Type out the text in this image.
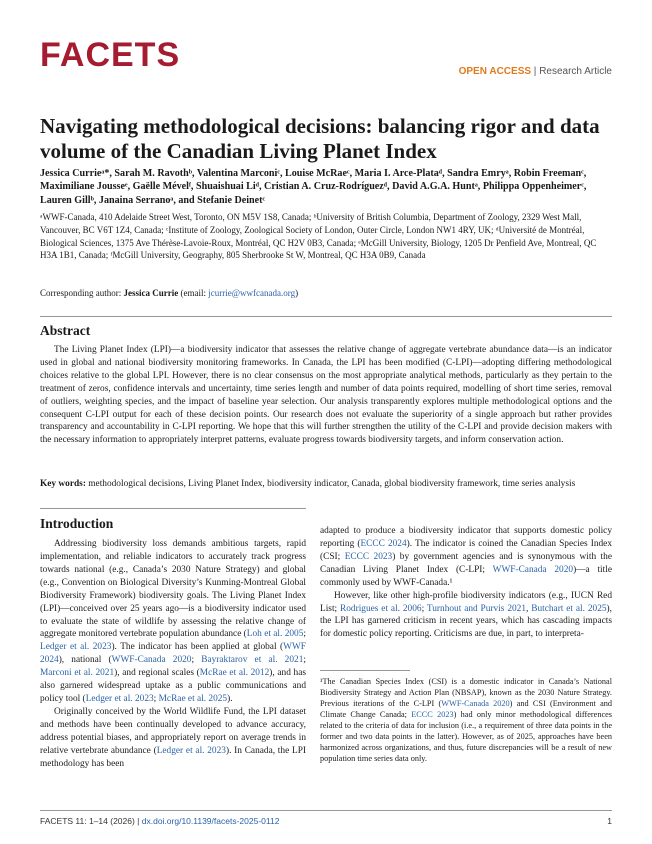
FACETS	OPEN ACCESS | Research Article
Navigating methodological decisions: balancing rigor and data volume of the Canadian Living Planet Index
Jessica Currieᵃ*, Sarah M. Ravothᵇ, Valentina Marconiᶜ, Louise McRaeᶜ, Maria I. Arce-Plataᵈ, Sandra Emryᵃ, Robin Freemanᶜ, Maximiliane Jousseᵉ, Gaëlle Mévelᶠ, Shuaishuai Liᵈ, Cristian A. Cruz-Rodríguezᵈ, David A.G.A. Huntᵃ, Philippa Oppenheimerᶜ, Lauren Gillᵇ, Janaina Serranoᵃ, and Stefanie Deinetᶜ
ᵃWWF-Canada, 410 Adelaide Street West, Toronto, ON M5V 1S8, Canada; ᵇUniversity of British Columbia, Department of Zoology, 2329 West Mall, Vancouver, BC V6T 1Z4, Canada; ᶜInstitute of Zoology, Zoological Society of London, Outer Circle, London NW1 4RY, UK; ᵈUniversité de Montréal, Biological Sciences, 1375 Ave Thérèse-Lavoie-Roux, Montréal, QC H2V 0B3, Canada; ᵉMcGill University, Biology, 1205 Dr Penfield Ave, Montreal, QC H3A 1B1, Canada; ᶠMcGill University, Geography, 805 Sherbrooke St W, Montreal, QC H3A 0B9, Canada
Corresponding author: Jessica Currie (email: jcurrie@wwfcanada.org)
Abstract

The Living Planet Index (LPI)—a biodiversity indicator that assesses the relative change of aggregate vertebrate abundance data—is an indicator used in global and national biodiversity monitoring frameworks. In Canada, the LPI has been modified (C-LPI)—adopting differing methodological choices relative to the global LPI. However, there is no clear consensus on the most appropriate analytical methods, particularly as they pertain to the treatment of zeros, confidence intervals and uncertainty, time series length and number of data points required, modelling of short time series, removal of outliers, weighting species, and the impact of baseline year selection. Our analysis transparently explores multiple methodological options and the consequent C-LPI output for each of these decision points. Our research does not evaluate the superiority of a single approach but rather provides transparency and accountability in C-LPI reporting. We hope that this will further strengthen the utility of the C-LPI and provide decision makers with the necessary information to appropriately interpret patterns, evaluate progress towards biodiversity targets, and inform conservation action.

Key words: methodological decisions, Living Planet Index, biodiversity indicator, Canada, global biodiversity framework, time series analysis
Introduction

Addressing biodiversity loss demands ambitious targets, rapid implementation, and reliable indicators to accurately track progress towards national (e.g., Canada’s 2030 Nature Strategy) and global (e.g., Convention on Biological Diversity’s Kunming-Montreal Global Biodiversity Framework) biodiversity goals. The Living Planet Index (LPI)—conceived over 25 years ago—is a biodiversity indicator used to evaluate the state of wildlife by assessing the relative change of aggregate monitored vertebrate population abundance (Loh et al. 2005; Ledger et al. 2023). The indicator has been applied at global (WWF 2024), national (WWF-Canada 2020; Bayraktarov et al. 2021; Marconi et al. 2021), and regional scales (McRae et al. 2012), and has also garnered widespread uptake as a public communications and policy tool (Ledger et al. 2023; McRae et al. 2025).

Originally conceived by the World Wildlife Fund, the LPI dataset and methods have been continually developed to advance accuracy, address potential biases, and appropriately report on average trends in relative vertebrate abundance (Ledger et al. 2023). In Canada, the LPI methodology has been

adapted to produce a biodiversity indicator that supports domestic policy reporting (ECCC 2024). The indicator is coined the Canadian Species Index (CSI; ECCC 2023) by government agencies and is synonymous with the Canadian Living Planet Index (C-LPI; WWF-Canada 2020)—a title commonly used by WWF-Canada.¹

However, like other high-profile biodiversity indicators (e.g., IUCN Red List; Rodrigues et al. 2006; Turnhout and Purvis 2021, Butchart et al. 2025), the LPI has garnered criticism in recent years, which has cascading impacts for domestic policy reporting. Criticisms are due, in part, to interpreta-

¹The Canadian Species Index (CSI) is a domestic indicator in Canada’s National Biodiversity Strategy and Action Plan (NBSAP), known as the 2030 Nature Strategy. Previous iterations of the C-LPI (WWF-Canada 2020) and CSI (Environment and Climate Change Canada; ECCC 2023) had only minor methodological differences related to the criteria of data for inclusion (i.e., a requirement of three data points in the former and two data points in the latter). However, as of 2025, approaches have been harmonized across organizations, and thus, future discrepancies will be a result of new population time series data only.
FACETS 11: 1–14 (2026) | dx.doi.org/10.1139/facets-2025-0112	1
